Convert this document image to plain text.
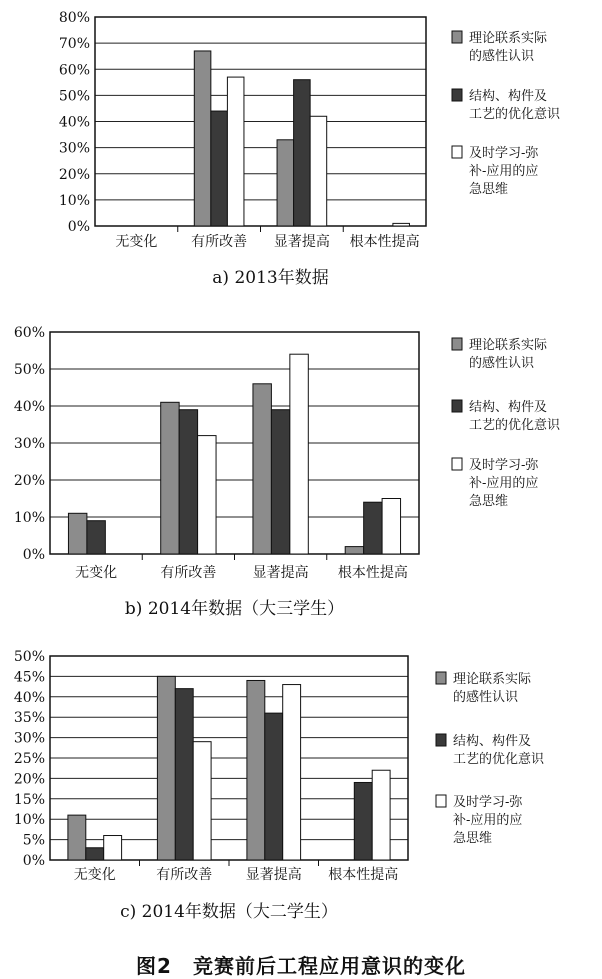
0%
10%
20%
30%
40%
50%
60%
70%
80%
无变化 有所改善 显著提高 根本性提高
理论联系实际的感性认识
结构、构件及工艺的优化意识
及时学习-弥补-应用的应急思维
a) 2013年数据
0%
10%
20%
30%
40%
50%
60%
无变化	有所改善	显著提高 根本性提高
理论联系实际的感性认识
结构、构件及工艺的优化意识
及时学习-弥补-应用的应急思维
b) 2014年数据（大三学生）
0%
5%
10%
15%
20%
25%
30%
35%
40%
45%
50%
无变化	有所改善 显著提高 根本性提高
理论联系实际的感性认识
结构、构件及工艺的优化意识
及时学习-弥补-应用的应急思维
c) 2014年数据（大二学生）
图2　竞赛前后工程应用意识的变化
